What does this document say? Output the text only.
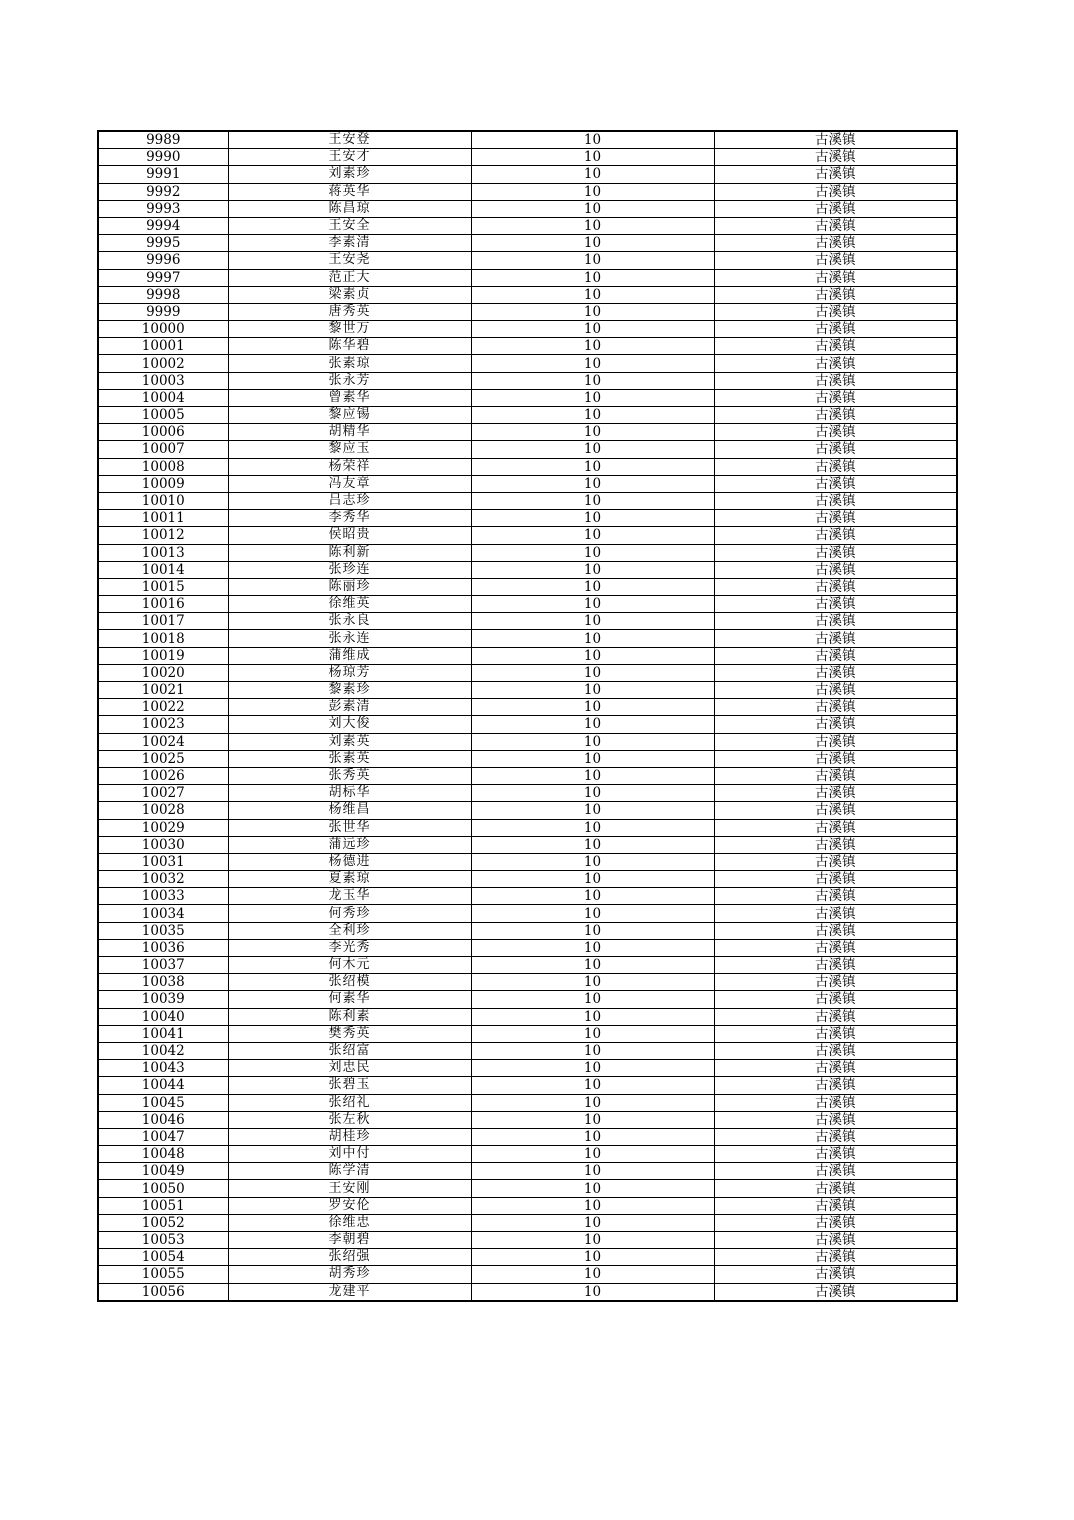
9989	王安登	10	古溪镇
9990	王安才	10	古溪镇
9991	刘素珍	10	古溪镇
9992	蒋英华	10	古溪镇
9993	陈昌琼	10	古溪镇
9994	王安全	10	古溪镇
9995	李素清	10	古溪镇
9996	王安尧	10	古溪镇
9997	范正大	10	古溪镇
9998	梁素贞	10	古溪镇
9999	唐秀英	10	古溪镇
10000	黎世万	10	古溪镇
10001	陈华碧	10	古溪镇
10002	张素琼	10	古溪镇
10003	张永芳	10	古溪镇
10004	曾素华	10	古溪镇
10005	黎应锡	10	古溪镇
10006	胡精华	10	古溪镇
10007	黎应玉	10	古溪镇
10008	杨荣祥	10	古溪镇
10009	冯友章	10	古溪镇
10010	吕志珍	10	古溪镇
10011	李秀华	10	古溪镇
10012	侯昭贵	10	古溪镇
10013	陈利新	10	古溪镇
10014	张珍连	10	古溪镇
10015	陈丽珍	10	古溪镇
10016	徐维英	10	古溪镇
10017	张永良	10	古溪镇
10018	张永连	10	古溪镇
10019	蒲维成	10	古溪镇
10020	杨琼芳	10	古溪镇
10021	黎素珍	10	古溪镇
10022	彭素清	10	古溪镇
10023	刘大俊	10	古溪镇
10024	刘素英	10	古溪镇
10025	张素英	10	古溪镇
10026	张秀英	10	古溪镇
10027	胡标华	10	古溪镇
10028	杨维昌	10	古溪镇
10029	张世华	10	古溪镇
10030	蒲远珍	10	古溪镇
10031	杨德进	10	古溪镇
10032	夏素琼	10	古溪镇
10033	龙玉华	10	古溪镇
10034	何秀珍	10	古溪镇
10035	全利珍	10	古溪镇
10036	李光秀	10	古溪镇
10037	何木元	10	古溪镇
10038	张绍模	10	古溪镇
10039	何素华	10	古溪镇
10040	陈利素	10	古溪镇
10041	樊秀英	10	古溪镇
10042	张绍富	10	古溪镇
10043	刘忠民	10	古溪镇
10044	张碧玉	10	古溪镇
10045	张绍礼	10	古溪镇
10046	张左秋	10	古溪镇
10047	胡桂珍	10	古溪镇
10048	刘中付	10	古溪镇
10049	陈学清	10	古溪镇
10050	王安刚	10	古溪镇
10051	罗安伦	10	古溪镇
10052	徐维忠	10	古溪镇
10053	李朝碧	10	古溪镇
10054	张绍强	10	古溪镇
10055	胡秀珍	10	古溪镇
10056	龙建平	10	古溪镇
